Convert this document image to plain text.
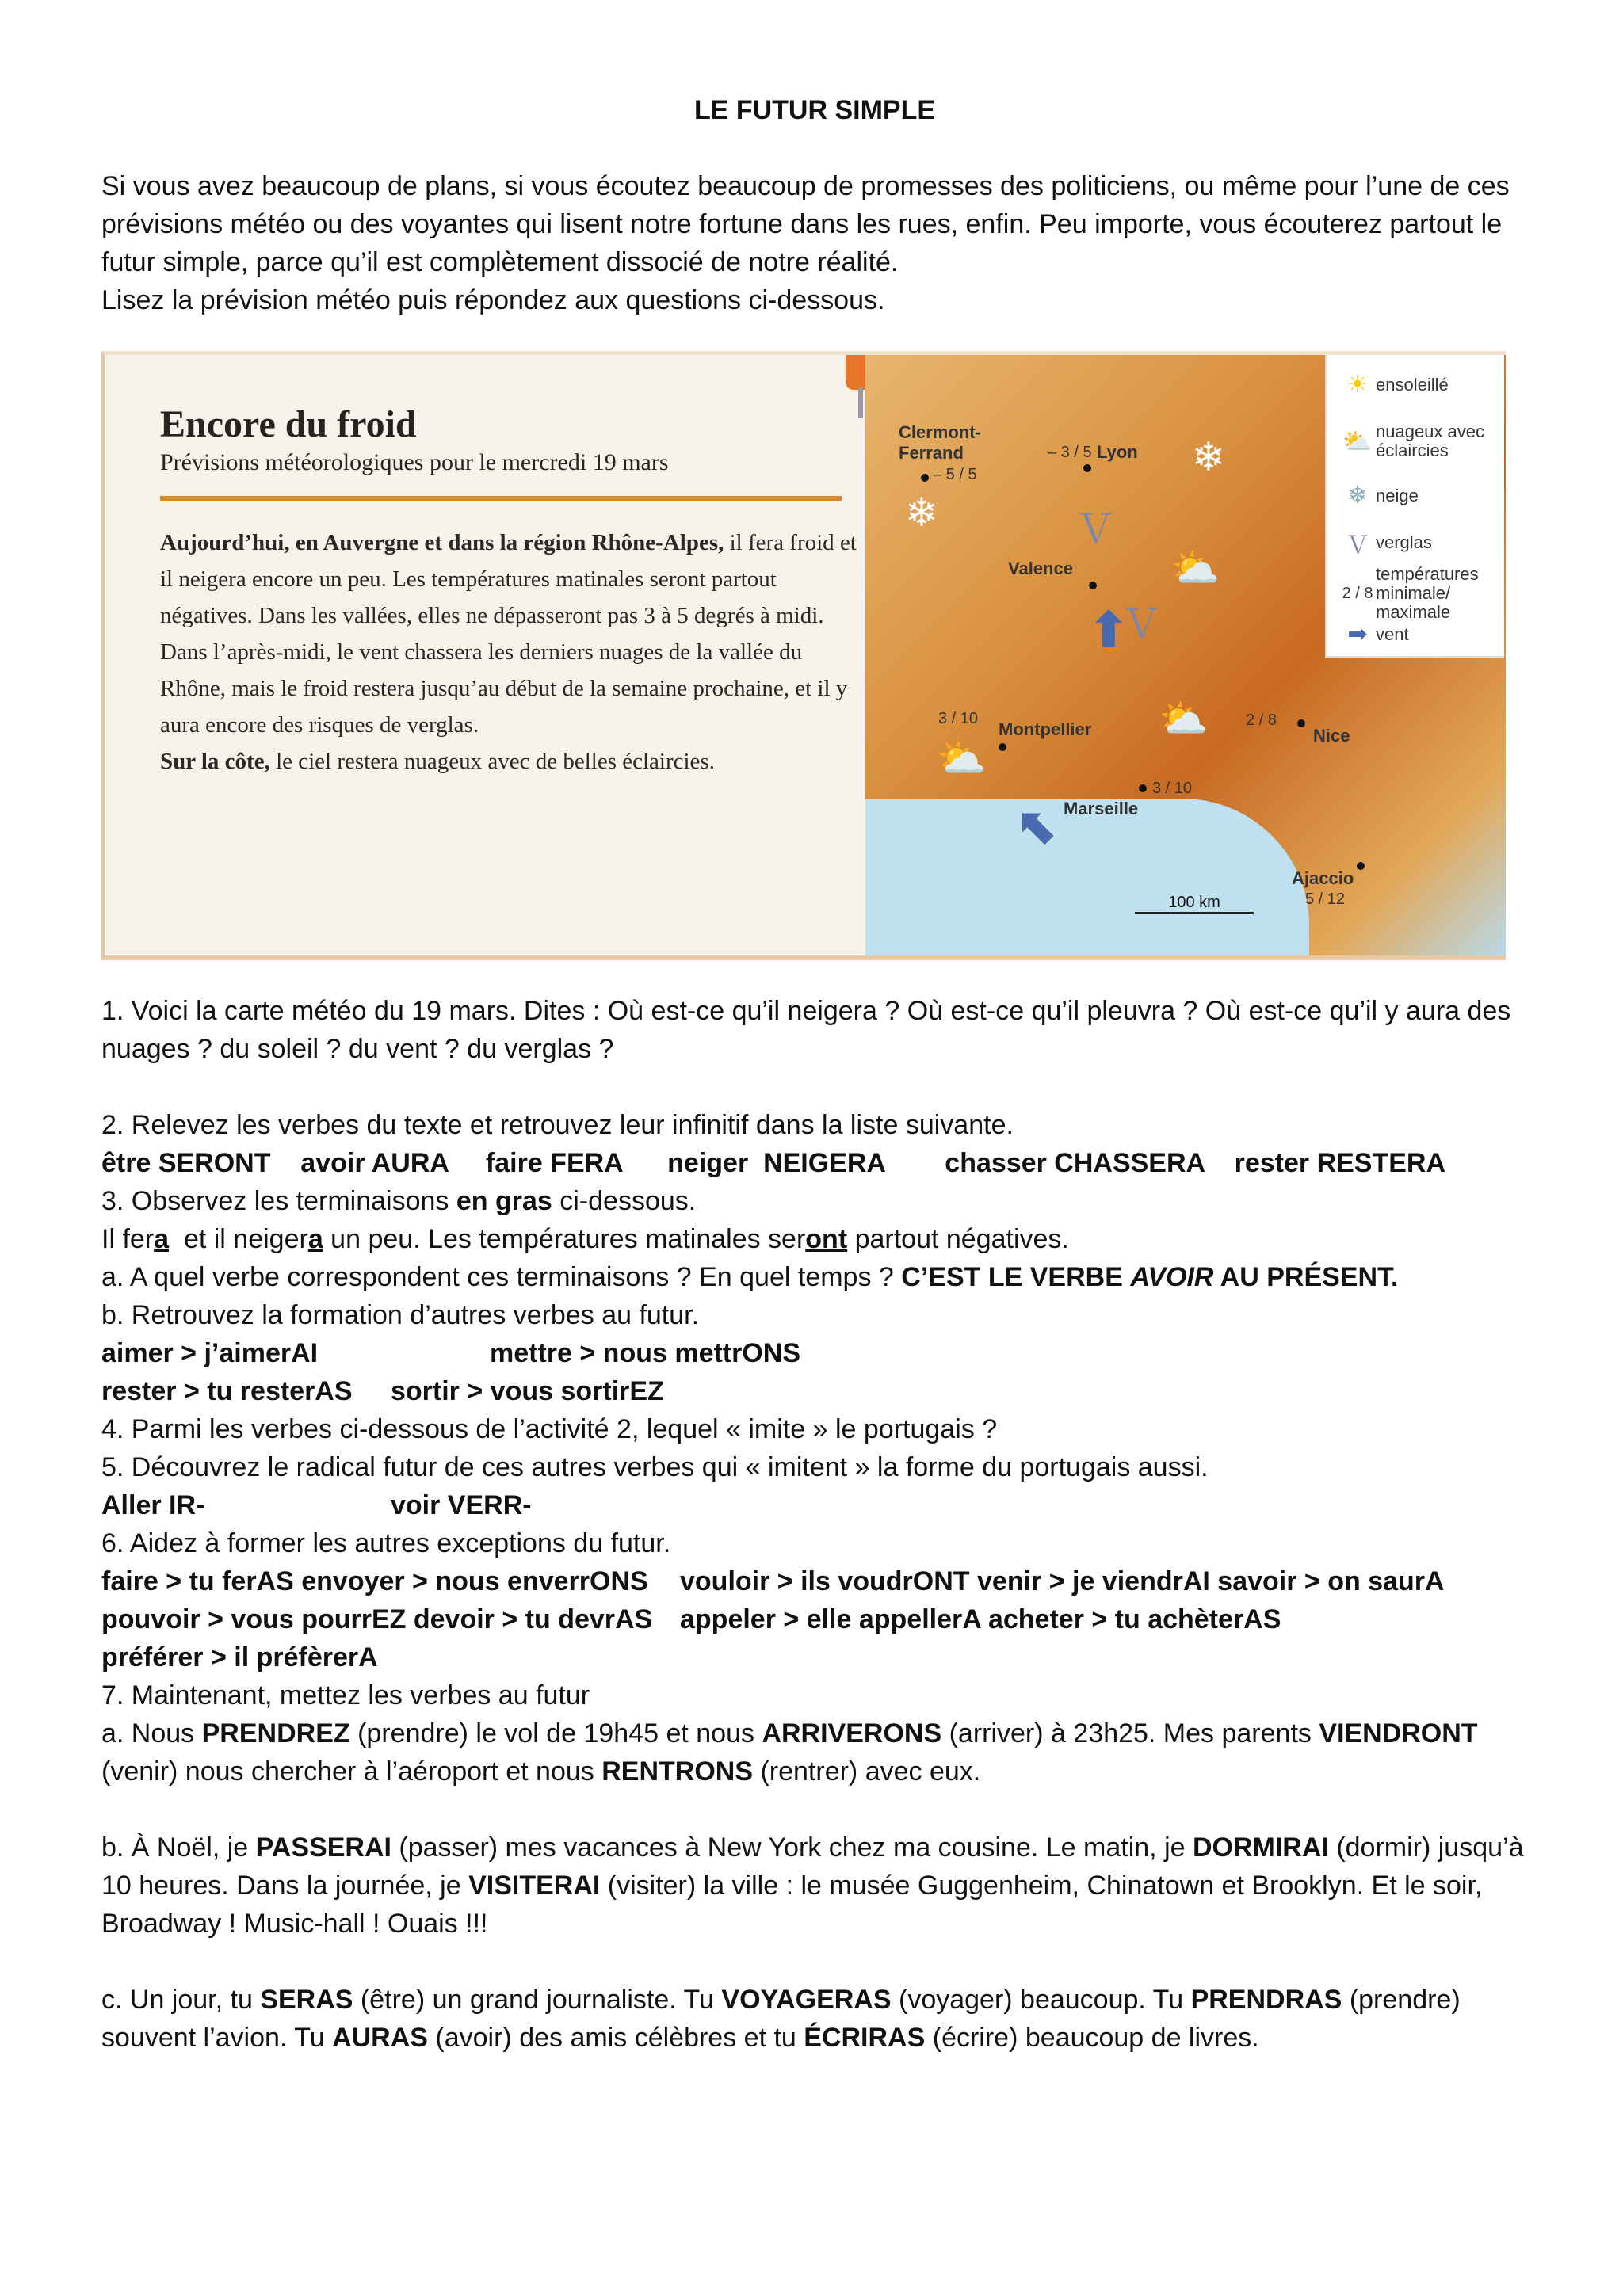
LE FUTUR SIMPLE

Si vous avez beaucoup de plans, si vous écoutez beaucoup de promesses des politiciens, ou même pour l’une de ces prévisions météo ou des voyantes qui lisent notre fortune dans les rues, enfin. Peu importe, vous écouterez partout le futur simple, parce qu’il est complètement dissocié de notre réalité.

Lisez la prévision météo puis répondez aux questions ci-dessous.

Encore du froid
Prévisions météorologiques pour le mercredi 19 mars
Aujourd’hui, en Auvergne et dans la région Rhône-Alpes, il fera froid et il neigera encore un peu. Les températures matinales seront partout négatives. Dans les vallées, elles ne dépasseront pas 3 à 5 degrés à midi. Dans l’après-midi, le vent chassera les derniers nuages de la vallée du Rhône, mais le froid restera jusqu’au début de la semaine prochaine, et il y aura encore des risques de verglas.
Sur la côte, le ciel restera nuageux avec de belles éclaircies.
Clermont-Ferrand
– 5 / 5
– 3 / 5 Lyon
Valence
3 / 10
Montpellier
Marseille
3 / 10
2 / 8
Nice
Ajaccio
5 / 12
❄
❄
Ｖ
Ｖ
⛅
⛅
⛅
⬆
⬆
100 km
☀ ensoleillé
⛅ nuageux avec éclaircies
❄ neige
Ｖ verglas
2 / 8
températures minimale/ maximale
➡ vent

1. Voici la carte météo du 19 mars. Dites : Où est-ce qu’il neigera ? Où est-ce qu’il pleuvra ? Où est-ce qu’il y aura des nuages ? du soleil ? du vent ? du verglas ?

2. Relevez les verbes du texte et retrouvez leur infinitif dans la liste suivante.

être SERONT    avoir AURA     faire FERA      neiger  NEIGERA        chasser CHASSERA    rester RESTERA

3. Observez les terminaisons en gras ci-dessous.

Il fera  et il neigera un peu. Les températures matinales seront partout négatives.

a. A quel verbe correspondent ces terminaisons ? En quel temps ? C’EST LE VERBE AVOIR AU PRÉSENT.

b. Retrouvez la formation d’autres verbes au futur.

aimer > j’aimerAI	mettre > nous mettrONS

rester > tu resterAS sortir > vous sortirEZ

4. Parmi les verbes ci-dessous de l’activité 2, lequel « imite » le portugais ?

5. Découvrez le radical futur de ces autres verbes qui « imitent » la forme du portugais aussi.

Aller IR-	voir VERR-

6. Aidez à former les autres exceptions du futur.

faire > tu ferAS envoyer > nous enverrONS vouloir > ils voudrONT venir > je viendrAI savoir > on saurA

pouvoir > vous pourrEZ devoir > tu devrAS appeler > elle appellerA acheter > tu achèterAS

préférer > il préfèrerA

7. Maintenant, mettez les verbes au futur

a. Nous PRENDREZ (prendre) le vol de 19h45 et nous ARRIVERONS (arriver) à 23h25. Mes parents VIENDRONT (venir) nous chercher à l’aéroport et nous RENTRONS (rentrer) avec eux.

b. À Noël, je PASSERAI (passer) mes vacances à New York chez ma cousine. Le matin, je DORMIRAI (dormir) jusqu’à 10 heures. Dans la journée, je VISITERAI (visiter) la ville : le musée Guggenheim, Chinatown et Brooklyn. Et le soir, Broadway ! Music-hall ! Ouais !!!

c. Un jour, tu SERAS (être) un grand journaliste. Tu VOYAGERAS (voyager) beaucoup. Tu PRENDRAS (prendre) souvent l’avion. Tu AURAS (avoir) des amis célèbres et tu ÉCRIRAS (écrire) beaucoup de livres.
